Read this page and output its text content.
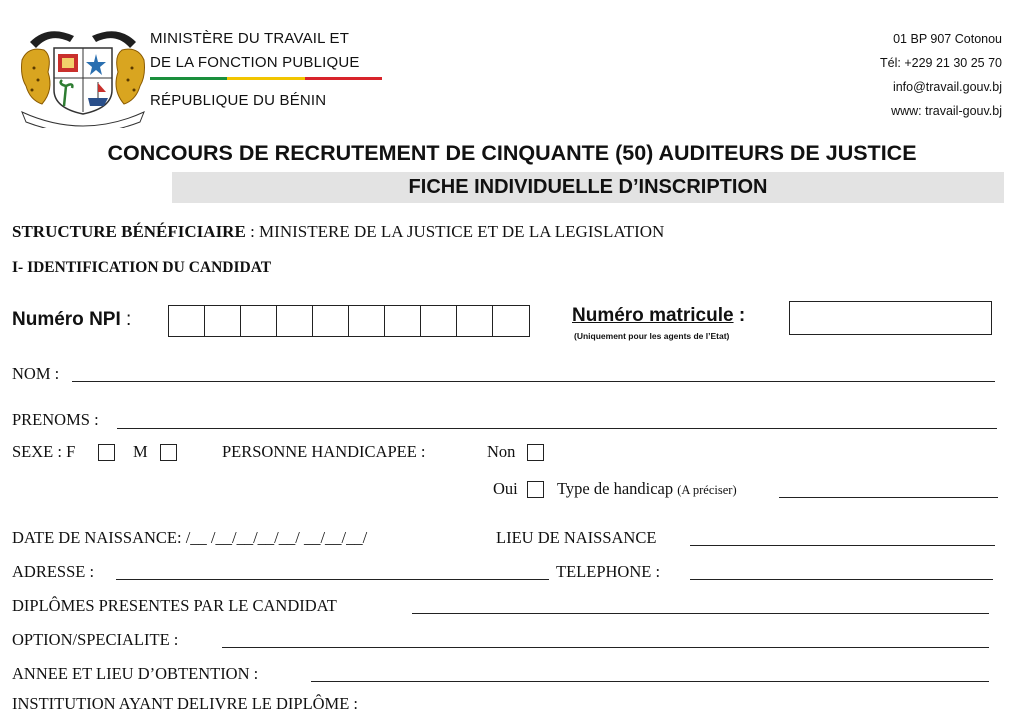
MINISTÈRE DU TRAVAIL ET
DE LA FONCTION PUBLIQUE
RÉPUBLIQUE DU BÉNIN
01 BP 907 Cotonou
Tél: +229 21 30 25 70
info@travail.gouv.bj
www: travail-gouv.bj
CONCOURS DE RECRUTEMENT DE CINQUANTE (50) AUDITEURS DE JUSTICE
FICHE INDIVIDUELLE D’INSCRIPTION
STRUCTURE BÉNÉFICIAIRE : MINISTERE DE LA JUSTICE ET DE LA LEGISLATION
I- IDENTIFICATION DU CANDIDAT
Numéro NPI :	Numéro matricule :
(Uniquement pour les agents de l’Etat)
NOM :
PRENOMS :
SEXE : F	M	PERSONNE HANDICAPEE :	Non
Oui Type de handicap (A préciser)
DATE DE NAISSANCE: /__ /__/__/__/__/ __/__/__/	LIEU DE NAISSANCE
ADRESSE :	TELEPHONE :
DIPLÔMES PRESENTES PAR LE CANDIDAT
OPTION/SPECIALITE :
ANNEE ET LIEU D’OBTENTION :
INSTITUTION AYANT DELIVRE LE DIPLÔME :
